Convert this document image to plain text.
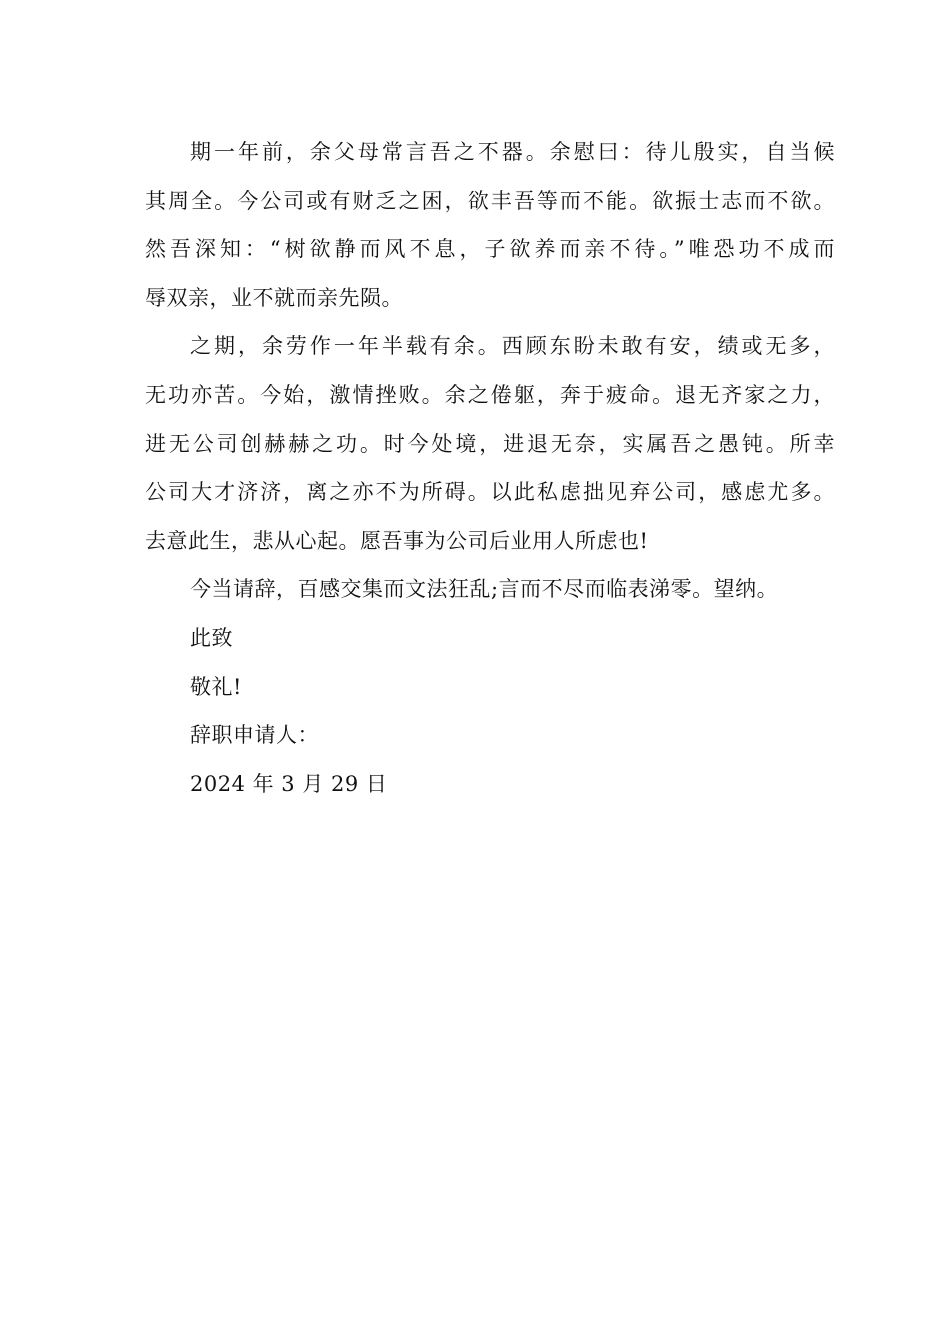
期一年前，余父母常言吾之不器。余慰曰：待儿殷实，自当候
其周全。今公司或有财乏之困，欲丰吾等而不能。欲振士志而不欲。
然吾深知：“树欲静而风不息，子欲养而亲不待。”唯恐功不成而
辱双亲，业不就而亲先陨。
之期，余劳作一年半载有余。西顾东盼未敢有安，绩或无多，
无功亦苦。今始，激情挫败。余之倦躯，奔于疲命。退无齐家之力，
进无公司创赫赫之功。时今处境，进退无奈，实属吾之愚钝。所幸
公司大才济济，离之亦不为所碍。以此私虑拙见弃公司，感虑尤多。
去意此生，悲从心起。愿吾事为公司后业用人所虑也!
今当请辞，百感交集而文法狂乱;言而不尽而临表涕零。望纳。
此致
敬礼!
辞职申请人：
2024 年 3 月 29 日
